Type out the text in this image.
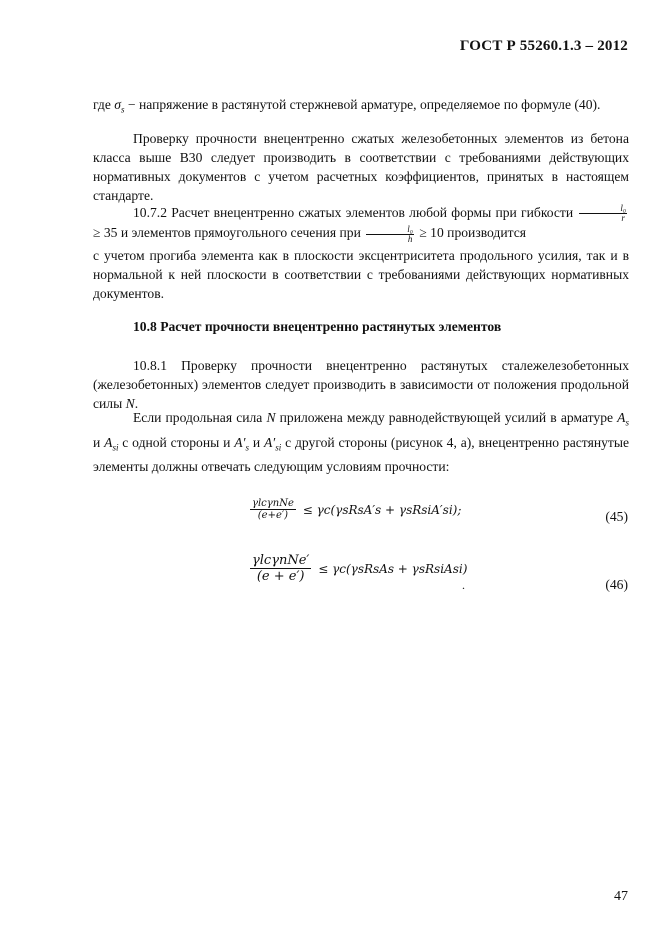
ГОСТ Р 55260.1.3 – 2012

где $\sigma_s$ − напряжение в растянутой стержневой арматуре, определяемое по формуле (40).

Проверку прочности внецентренно сжатых железобетонных элементов из бетона класса выше В30 следует производить в соответствии с требованиями действующих нормативных документов с учетом расчетных коэффициентов, принятых в настоящем стандарте.

10.7.2 Расчет внецентренно сжатых элементов любой формы при гибкости $\frac{\text{l₀}}{r}$
≥ 35 и элементов прямоугольного сечения при $\frac{\text{l₀}}{h} \ge 10$ производится

с учетом прогиба элемента как в плоскости эксцентриситета продольного усилия, так и в нормальной к ней плоскости в соответствии с требованиями действующих нормативных документов.

10.8 Расчет прочности внецентренно растянутых элементов

10.8.1 Проверку прочности внецентренно растянутых сталежелезобетонных (железобетонных) элементов следует производить в зависимости от положения продольной силы N.

Если продольная сила N приложена между равнодействующей усилий в арматуре $A_s$ и $A_{si}$ с одной стороны и $A'_s$ и $A'_{si}$ с другой стороны (рисунок 4, а), внецентренно растянутые элементы должны отвечать следующим условиям прочности:

γlcγnNe
(e+e′)	≤ γc(γsRsA′s + γsRsiA′si);	(45)
γlcγnNe′
(e + e′)
≤ γc(γsRsAs + γsRsiAsi)
.	(46)
47
